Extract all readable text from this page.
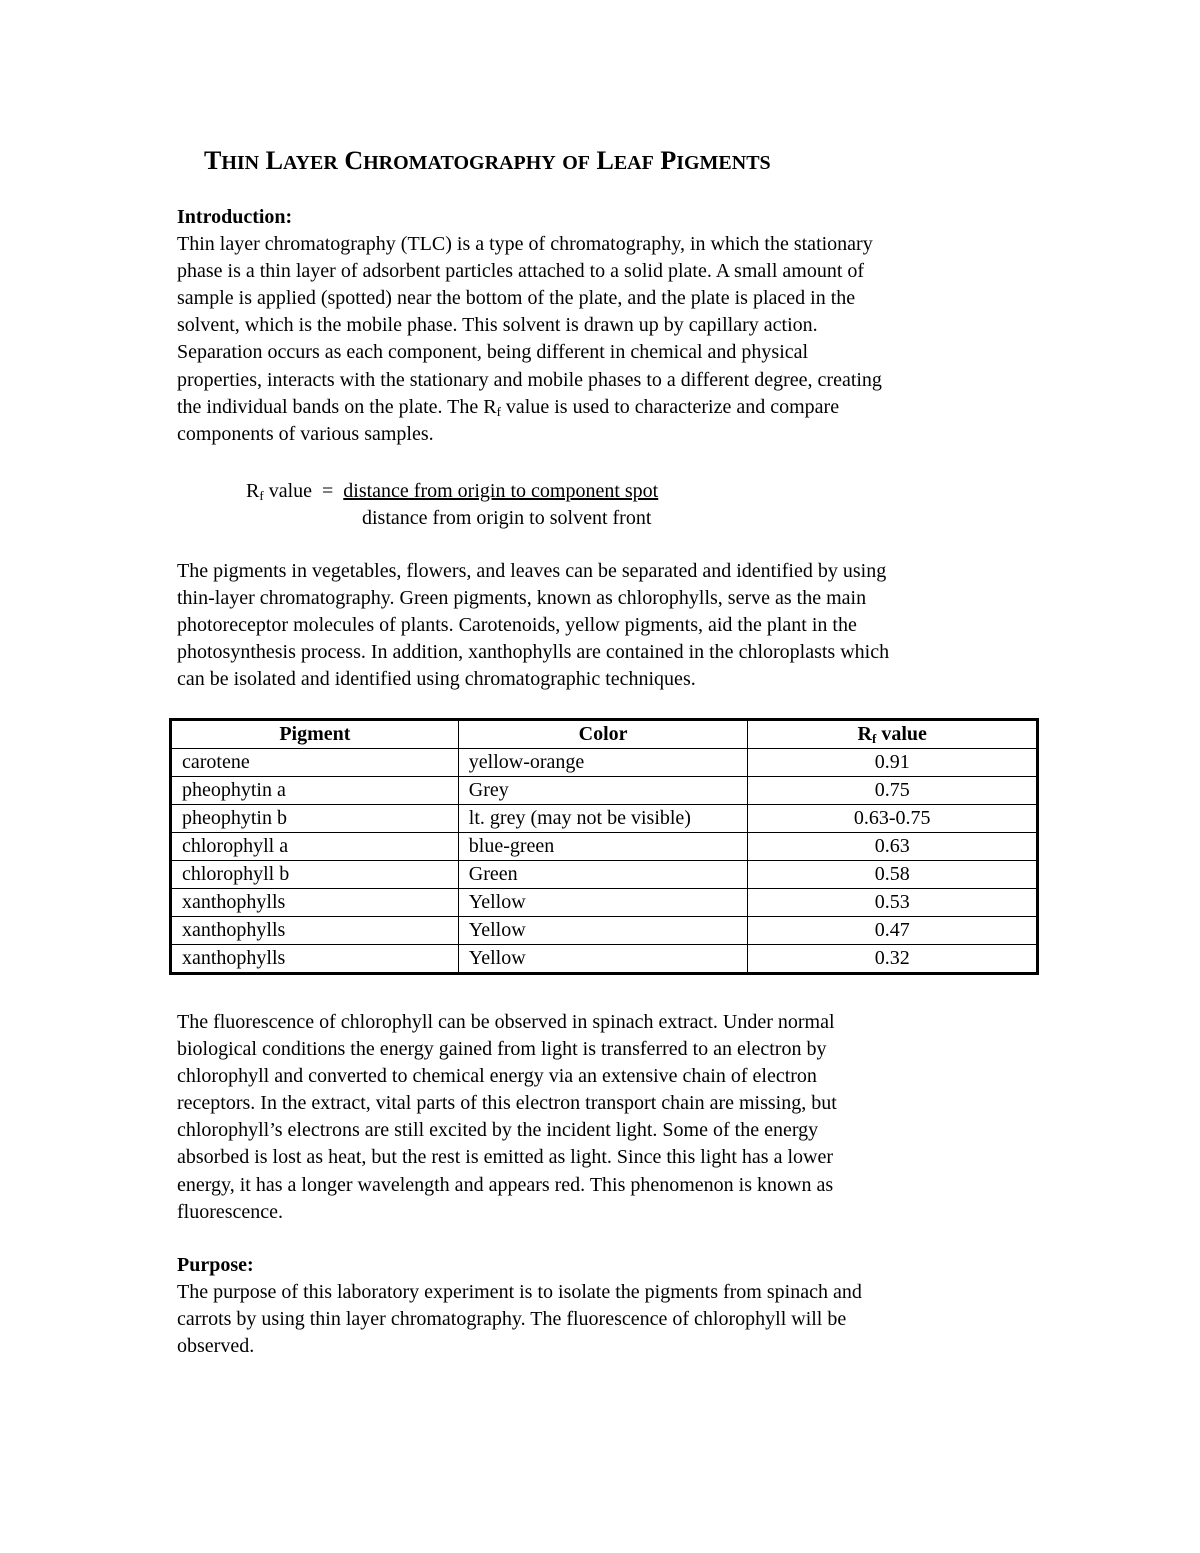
THIN LAYER CHROMATOGRAPHY OF LEAF PIGMENTS
Introduction:
Thin layer chromatography (TLC) is a type of chromatography, in which the stationary
phase is a thin layer of adsorbent particles attached to a solid plate. A small amount of
sample is applied (spotted) near the bottom of the plate, and the plate is placed in the
solvent, which is the mobile phase. This solvent is drawn up by capillary action.
Separation occurs as each component, being different in chemical and physical
properties, interacts with the stationary and mobile phases to a different degree, creating
the individual bands on the plate. The $R_f$ value is used to characterize and compare
components of various samples.
$R_f$ value  =  distance from origin to component spot
distance from origin to solvent front
The pigments in vegetables, flowers, and leaves can be separated and identified by using
thin-layer chromatography. Green pigments, known as chlorophylls, serve as the main
photoreceptor molecules of plants. Carotenoids, yellow pigments, aid the plant in the
photosynthesis process. In addition, xanthophylls are contained in the chloroplasts which
can be isolated and identified using chromatographic techniques.
Pigment	Color	$R_f$ value
carotene	yellow-orange	0.91
pheophytin a	Grey	0.75
pheophytin b	lt. grey (may not be visible)	0.63-0.75
chlorophyll a	blue-green	0.63
chlorophyll b	Green	0.58
xanthophylls	Yellow	0.53
xanthophylls	Yellow	0.47
xanthophylls	Yellow	0.32
The fluorescence of chlorophyll can be observed in spinach extract. Under normal
biological conditions the energy gained from light is transferred to an electron by
chlorophyll and converted to chemical energy via an extensive chain of electron
receptors. In the extract, vital parts of this electron transport chain are missing, but
chlorophyll’s electrons are still excited by the incident light. Some of the energy
absorbed is lost as heat, but the rest is emitted as light. Since this light has a lower
energy, it has a longer wavelength and appears red. This phenomenon is known as
fluorescence.
Purpose:
The purpose of this laboratory experiment is to isolate the pigments from spinach and
carrots by using thin layer chromatography. The fluorescence of chlorophyll will be
observed.
